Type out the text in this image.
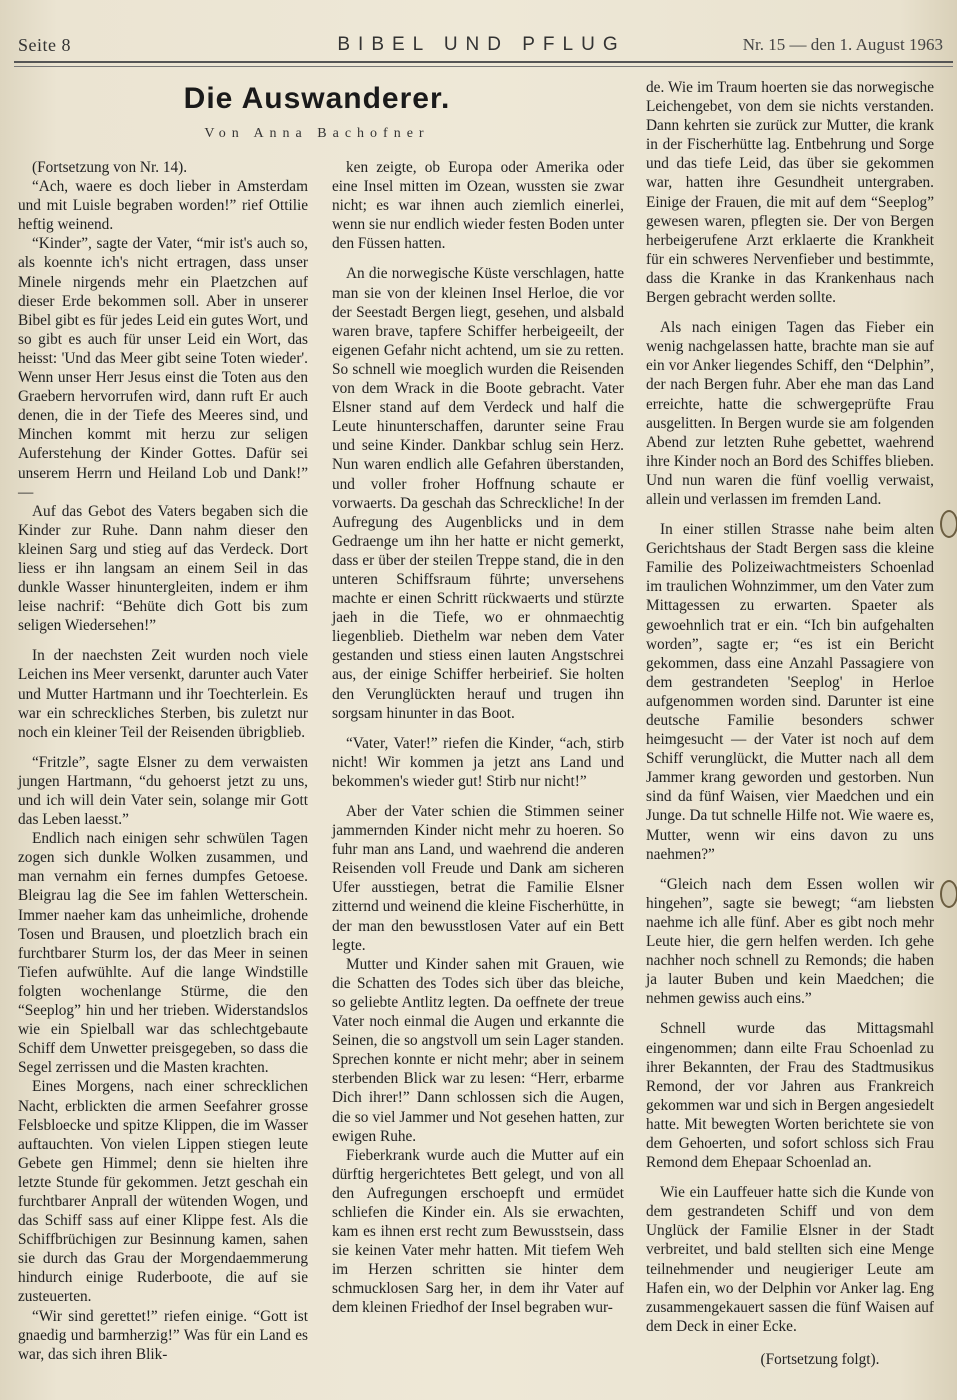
Seite 8	BIBEL UND PFLUG	Nr. 15 — den 1. August 1963
Die Auswanderer.
Von Anna Bachofner

(Fortsetzung von Nr. 14).

“Ach, waere es doch lieber in Amsterdam und mit Luisle begraben worden!” rief Ottilie heftig weinend.

“Kinder”, sagte der Vater, “mir ist's auch so, als koennte ich's nicht ertragen, dass unser Minele nirgends mehr ein Plaetzchen auf dieser Erde bekommen soll. Aber in unserer Bibel gibt es für jedes Leid ein gutes Wort, und so gibt es auch für unser Leid ein Wort, das heisst: 'Und das Meer gibt seine Toten wieder'. Wenn unser Herr Jesus einst die Toten aus den Graebern hervorrufen wird, dann ruft Er auch denen, die in der Tiefe des Meeres sind, und Minchen kommt mit herzu zur seligen Auferstehung der Kinder Gottes. Dafür sei unserem Herrn und Heiland Lob und Dank!” —

Auf das Gebot des Vaters begaben sich die Kinder zur Ruhe. Dann nahm dieser den kleinen Sarg und stieg auf das Verdeck. Dort liess er ihn langsam an einem Seil in das dunkle Wasser hinuntergleiten, indem er ihm leise nachrif: “Behüte dich Gott bis zum seligen Wiedersehen!”

In der naechsten Zeit wurden noch viele Leichen ins Meer versenkt, darunter auch Vater und Mutter Hartmann und ihr Toechterlein. Es war ein schreckliches Sterben, bis zuletzt nur noch ein kleiner Teil der Reisenden übrigblieb.

“Fritzle”, sagte Elsner zu dem verwaisten jungen Hartmann, “du gehoerst jetzt zu uns, und ich will dein Vater sein, solange mir Gott das Leben laesst.”

Endlich nach einigen sehr schwülen Tagen zogen sich dunkle Wolken zusammen, und man vernahm ein fernes dumpfes Getoese. Bleigrau lag die See im fahlen Wetterschein. Immer naeher kam das unheimliche, drohende Tosen und Brausen, und ploetzlich brach ein furchtbarer Sturm los, der das Meer in seinen Tiefen aufwühlte. Auf die lange Windstille folgten wochenlange Stürme, die den “Seeplog” hin und her trieben. Widerstandslos wie ein Spielball war das schlechtgebaute Schiff dem Unwetter preisgegeben, so dass die Segel zerrissen und die Masten krachten.

Eines Morgens, nach einer schrecklichen Nacht, erblickten die armen Seefahrer grosse Felsbloecke und spitze Klippen, die im Wasser auftauchten. Von vielen Lippen stiegen leute Gebete gen Himmel; denn sie hielten ihre letzte Stunde für gekommen. Jetzt geschah ein furchtbarer Anprall der wütenden Wogen, und das Schiff sass auf einer Klippe fest. Als die Schiffbrüchigen zur Besinnung kamen, sahen sie durch das Grau der Morgendaemmerung hindurch einige Ruderboote, die auf sie zusteuerten.

“Wir sind gerettet!” riefen einige. “Gott ist gnaedig und barmherzig!” Was für ein Land es war, das sich ihren Blik-

ken zeigte, ob Europa oder Amerika oder eine Insel mitten im Ozean, wussten sie zwar nicht; es war ihnen auch ziemlich einerlei, wenn sie nur endlich wieder festen Boden unter den Füssen hatten.

An die norwegische Küste verschlagen, hatte man sie von der kleinen Insel Herloe, die vor der Seestadt Bergen liegt, gesehen, und alsbald waren brave, tapfere Schiffer herbeigeeilt, der eigenen Gefahr nicht achtend, um sie zu retten. So schnell wie moeglich wurden die Reisenden von dem Wrack in die Boote gebracht. Vater Elsner stand auf dem Verdeck und half die Leute hinunterschaffen, darunter seine Frau und seine Kinder. Dankbar schlug sein Herz. Nun waren endlich alle Gefahren überstanden, und voller froher Hoffnung schaute er vorwaerts. Da geschah das Schreckliche! In der Aufregung des Augenblicks und in dem Gedraenge um ihn her hatte er nicht gemerkt, dass er über der steilen Treppe stand, die in den unteren Schiffsraum führte; unversehens machte er einen Schritt rückwaerts und stürzte jaeh in die Tiefe, wo er ohnmaechtig liegenblieb. Diethelm war neben dem Vater gestanden und stiess einen lauten Angstschrei aus, der einige Schiffer herbeirief. Sie holten den Verunglückten herauf und trugen ihn sorgsam hinunter in das Boot.

“Vater, Vater!” riefen die Kinder, “ach, stirb nicht! Wir kommen ja jetzt ans Land und bekommen's wieder gut! Stirb nur nicht!”

Aber der Vater schien die Stimmen seiner jammernden Kinder nicht mehr zu hoeren. So fuhr man ans Land, und waehrend die anderen Reisenden voll Freude und Dank am sicheren Ufer ausstiegen, betrat die Familie Elsner zitternd und weinend die kleine Fischerhütte, in der man den bewusstlosen Vater auf ein Bett legte.

Mutter und Kinder sahen mit Grauen, wie die Schatten des Todes sich über das bleiche, so geliebte Antlitz legten. Da oeffnete der treue Vater noch einmal die Augen und erkannte die Seinen, die so angstvoll um sein Lager standen. Sprechen konnte er nicht mehr; aber in seinem sterbenden Blick war zu lesen: “Herr, erbarme Dich ihrer!” Dann schlossen sich die Augen, die so viel Jammer und Not gesehen hatten, zur ewigen Ruhe.

Fieberkrank wurde auch die Mutter auf ein dürftig hergerichtetes Bett gelegt, und von all den Aufregungen erschoepft und ermüdet schliefen die Kinder ein. Als sie erwachten, kam es ihnen erst recht zum Bewusstsein, dass sie keinen Vater mehr hatten. Mit tiefem Weh im Herzen schritten sie hinter dem schmucklosen Sarg her, in dem ihr Vater auf dem kleinen Friedhof der Insel begraben wur-

de. Wie im Traum hoerten sie das norwegische Leichengebet, von dem sie nichts verstanden. Dann kehrten sie zurück zur Mutter, die krank in der Fischerhütte lag. Entbehrung und Sorge und das tiefe Leid, das über sie gekommen war, hatten ihre Gesundheit untergraben. Einige der Frauen, die mit auf dem “Seeplog” gewesen waren, pflegten sie. Der von Bergen herbeigerufene Arzt erklaerte die Krankheit für ein schweres Nervenfieber und bestimmte, dass die Kranke in das Krankenhaus nach Bergen gebracht werden sollte.

Als nach einigen Tagen das Fieber ein wenig nachgelassen hatte, brachte man sie auf ein vor Anker liegendes Schiff, den “Delphin”, der nach Bergen fuhr. Aber ehe man das Land erreichte, hatte die schwergeprüfte Frau ausgelitten. In Bergen wurde sie am folgenden Abend zur letzten Ruhe gebettet, waehrend ihre Kinder noch an Bord des Schiffes blieben. Und nun waren die fünf voellig verwaist, allein und verlassen im fremden Land.

In einer stillen Strasse nahe beim alten Gerichtshaus der Stadt Bergen sass die kleine Familie des Polizeiwachtmeisters Schoenlad im traulichen Wohnzimmer, um den Vater zum Mittagessen zu erwarten. Spaeter als gewoehnlich trat er ein. “Ich bin aufgehalten worden”, sagte er; “es ist ein Bericht gekommen, dass eine Anzahl Passagiere von dem gestrandeten 'Seeplog' in Herloe aufgenommen worden sind. Darunter ist eine deutsche Familie besonders schwer heimgesucht — der Vater ist noch auf dem Schiff verunglückt, die Mutter nach all dem Jammer krang geworden und gestorben. Nun sind da fünf Waisen, vier Maedchen und ein Junge. Da tut schnelle Hilfe not. Wie waere es, Mutter, wenn wir eins davon zu uns naehmen?”

“Gleich nach dem Essen wollen wir hingehen”, sagte sie bewegt; “am liebsten naehme ich alle fünf. Aber es gibt noch mehr Leute hier, die gern helfen werden. Ich gehe nachher noch schnell zu Remonds; die haben ja lauter Buben und kein Maedchen; die nehmen gewiss auch eins.”

Schnell wurde das Mittagsmahl eingenommen; dann eilte Frau Schoenlad zu ihrer Bekannten, der Frau des Stadtmusikus Remond, der vor Jahren aus Frankreich gekommen war und sich in Bergen angesiedelt hatte. Mit bewegten Worten berichtete sie von dem Gehoerten, und sofort schloss sich Frau Remond dem Ehepaar Schoenlad an.

Wie ein Lauffeuer hatte sich die Kunde von dem gestrandeten Schiff und von dem Unglück der Familie Elsner in der Stadt verbreitet, und bald stellten sich eine Menge teilnehmender und neugieriger Leute am Hafen ein, wo der Delphin vor Anker lag. Eng zusammengekauert sassen die fünf Waisen auf dem Deck in einer Ecke.

(Fortsetzung folgt).
